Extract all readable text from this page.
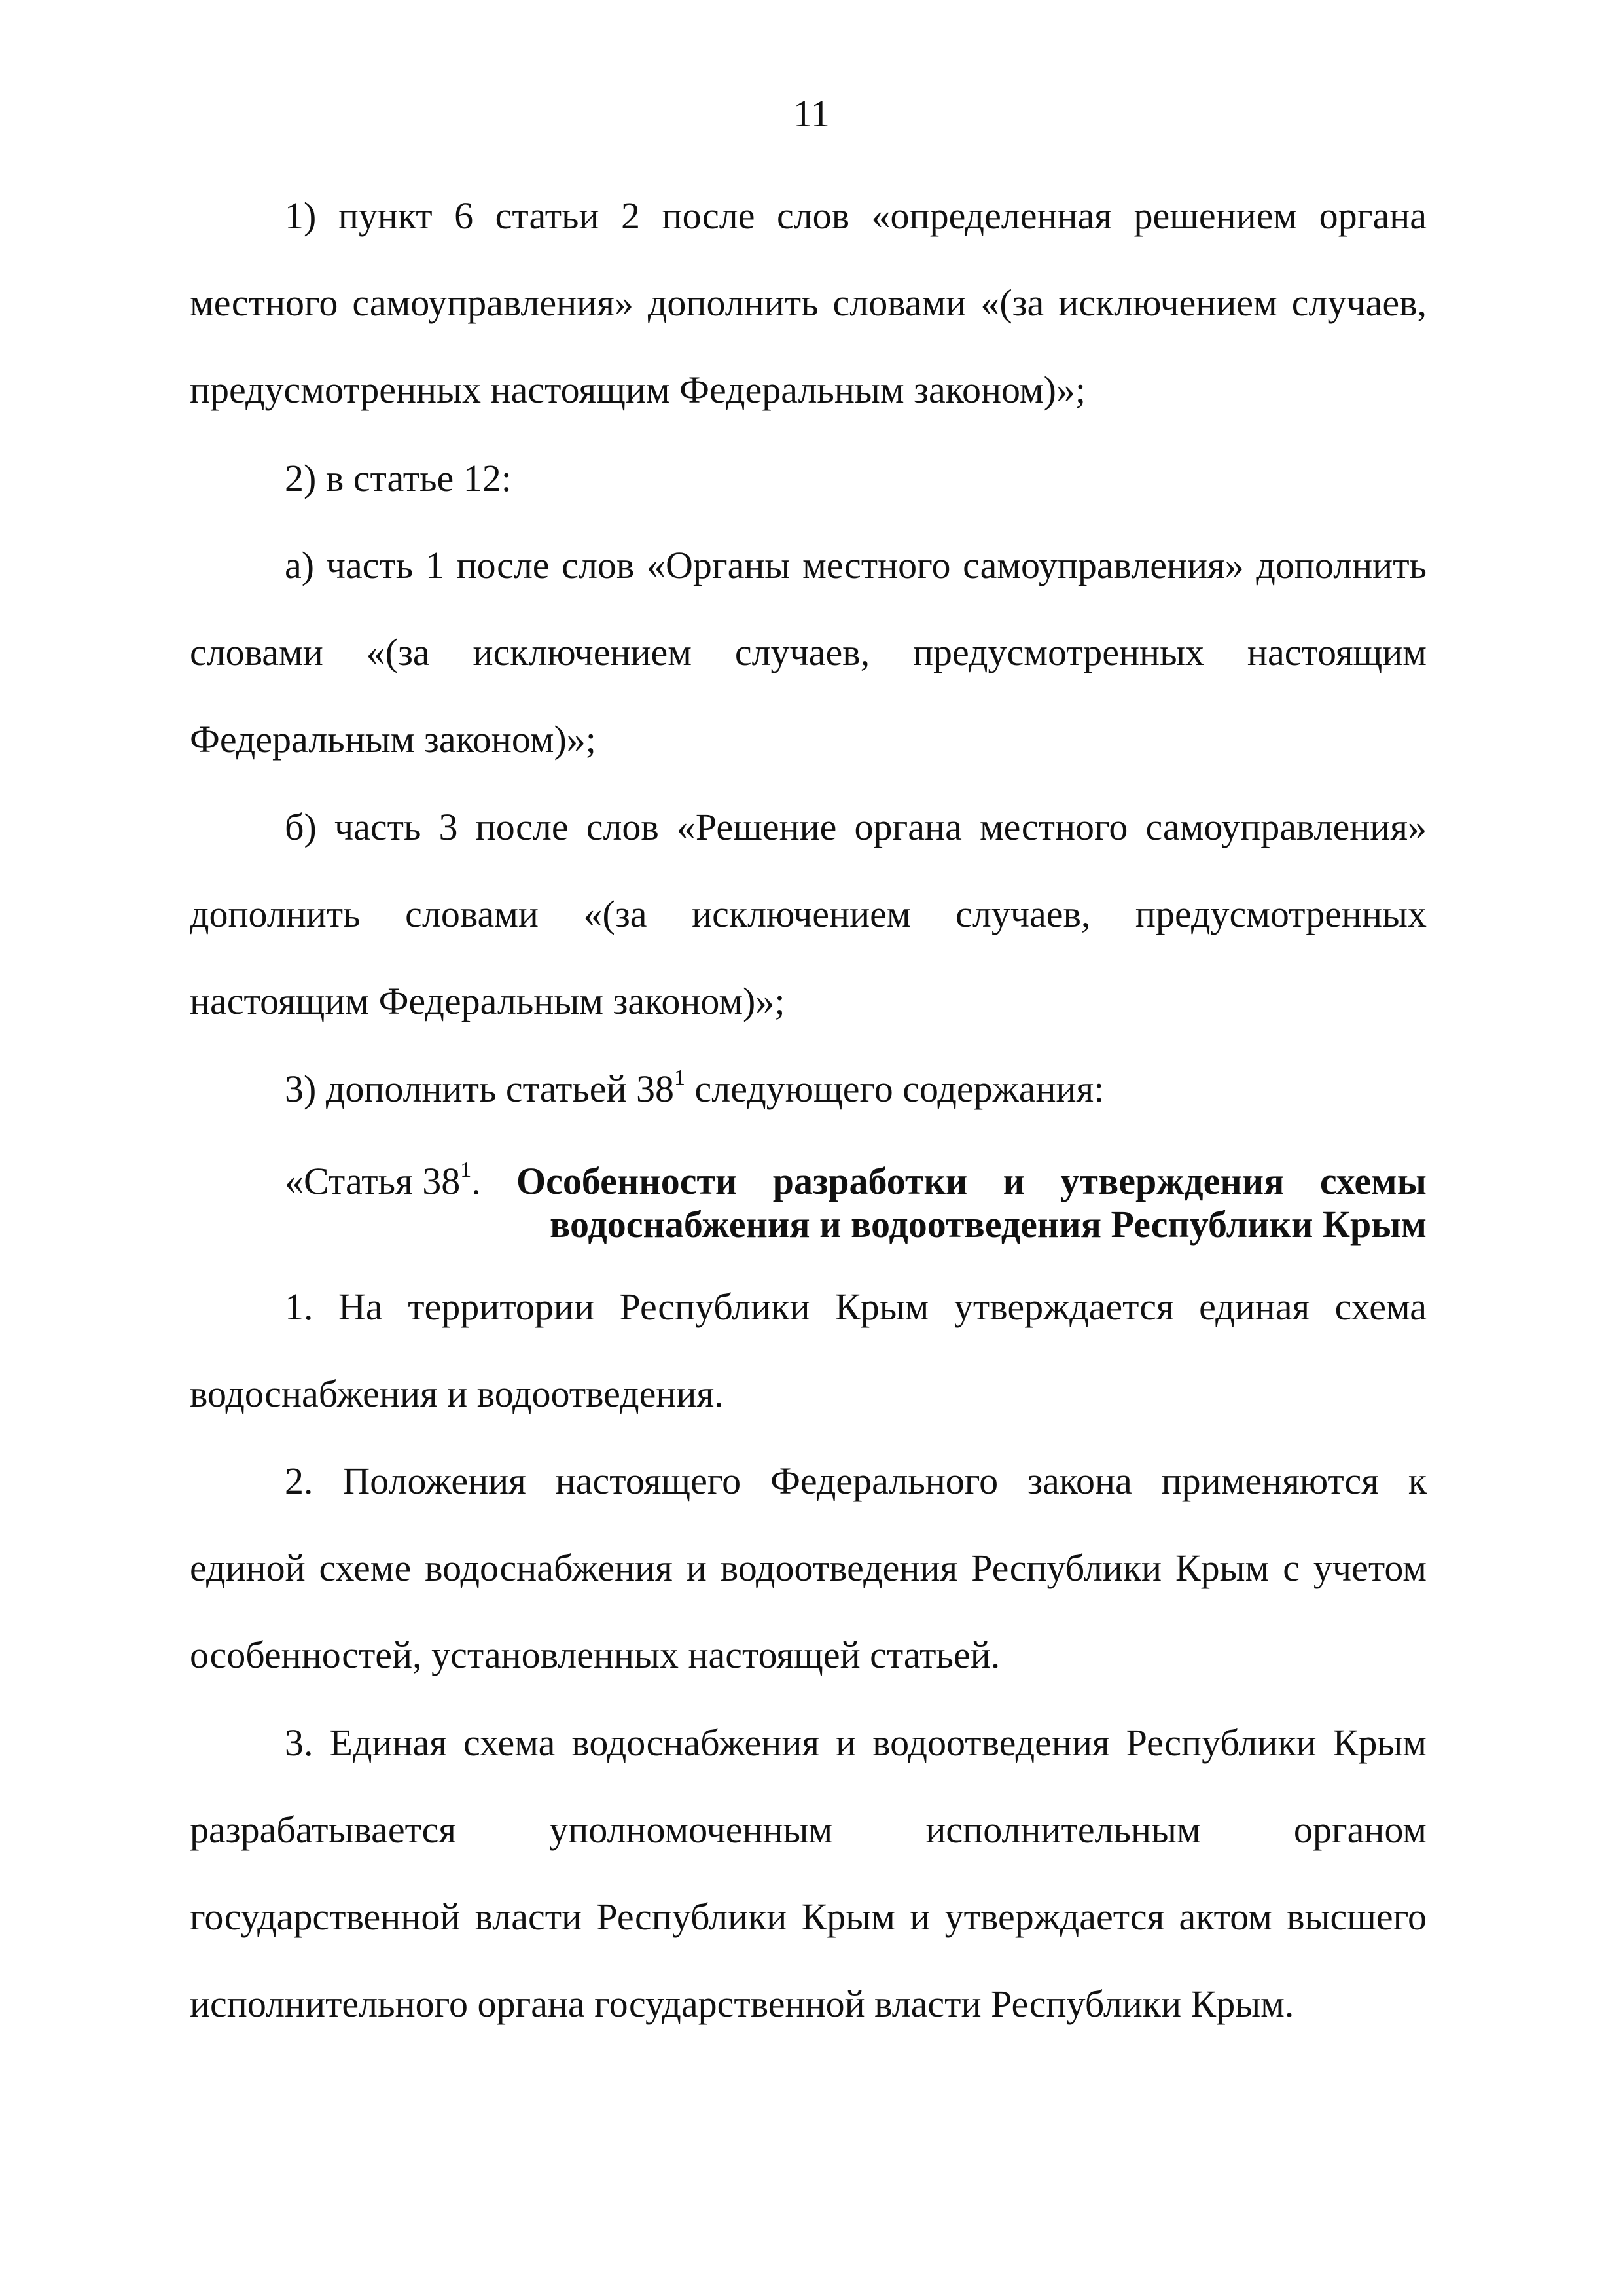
11

1) пункт 6 статьи 2 после слов «определенная решением органа местного самоуправления» дополнить словами «(за исключением случаев, предусмотренных настоящим Федеральным законом)»;

2) в статье 12:

а) часть 1 после слов «Органы местного самоуправления» дополнить словами «(за исключением случаев, предусмотренных настоящим Федеральным законом)»;

б) часть 3 после слов «Решение органа местного самоуправления» дополнить словами «(за исключением случаев, предусмотренных настоящим Федеральным законом)»;

3) дополнить статьей $38^1$ следующего содержания:

«Статья $38^1$. Особенности разработки и утверждения схемы
водоснабжения и водоотведения Республики Крым

1. На территории Республики Крым утверждается единая схема водоснабжения и водоотведения.

2. Положения настоящего Федерального закона применяются к единой схеме водоснабжения и водоотведения Республики Крым с учетом особенностей, установленных настоящей статьей.

3. Единая схема водоснабжения и водоотведения Республики Крым разрабатывается уполномоченным исполнительным органом государственной власти Республики Крым и утверждается актом высшего исполнительного органа государственной власти Республики Крым.
